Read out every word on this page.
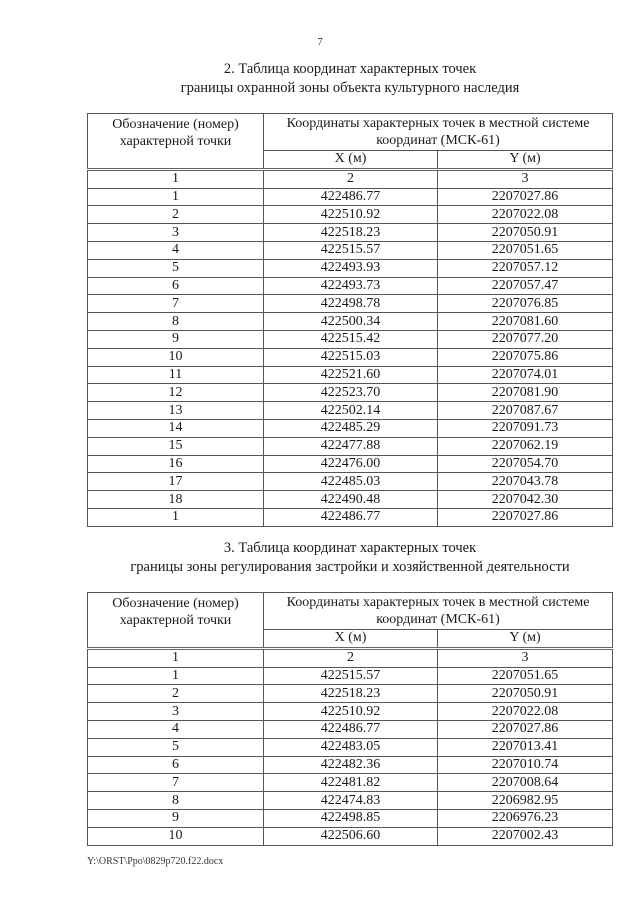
7
2. Таблица координат характерных точек
границы охранной зоны объекта культурного наследия
Обозначение (номер) характерной точки	Координаты характерных точек в местной системе координат (МСК-61)	
	X (м)	Y (м)
1	2	3
1	422486.77	2207027.86
2	422510.92	2207022.08
3	422518.23	2207050.91
4	422515.57	2207051.65
5	422493.93	2207057.12
6	422493.73	2207057.47
7	422498.78	2207076.85
8	422500.34	2207081.60
9	422515.42	2207077.20
10	422515.03	2207075.86
11	422521.60	2207074.01
12	422523.70	2207081.90
13	422502.14	2207087.67
14	422485.29	2207091.73
15	422477.88	2207062.19
16	422476.00	2207054.70
17	422485.03	2207043.78
18	422490.48	2207042.30
1	422486.77	2207027.86
3. Таблица координат характерных точек
границы зоны регулирования застройки и хозяйственной деятельности
Обозначение (номер) характерной точки	Координаты характерных точек в местной системе координат (МСК-61)	
	X (м)	Y (м)
1	2	3
1	422515.57	2207051.65
2	422518.23	2207050.91
3	422510.92	2207022.08
4	422486.77	2207027.86
5	422483.05	2207013.41
6	422482.36	2207010.74
7	422481.82	2207008.64
8	422474.83	2206982.95
9	422498.85	2206976.23
10	422506.60	2207002.43
Y:\ORST\Ppo\0829p720.f22.docx
